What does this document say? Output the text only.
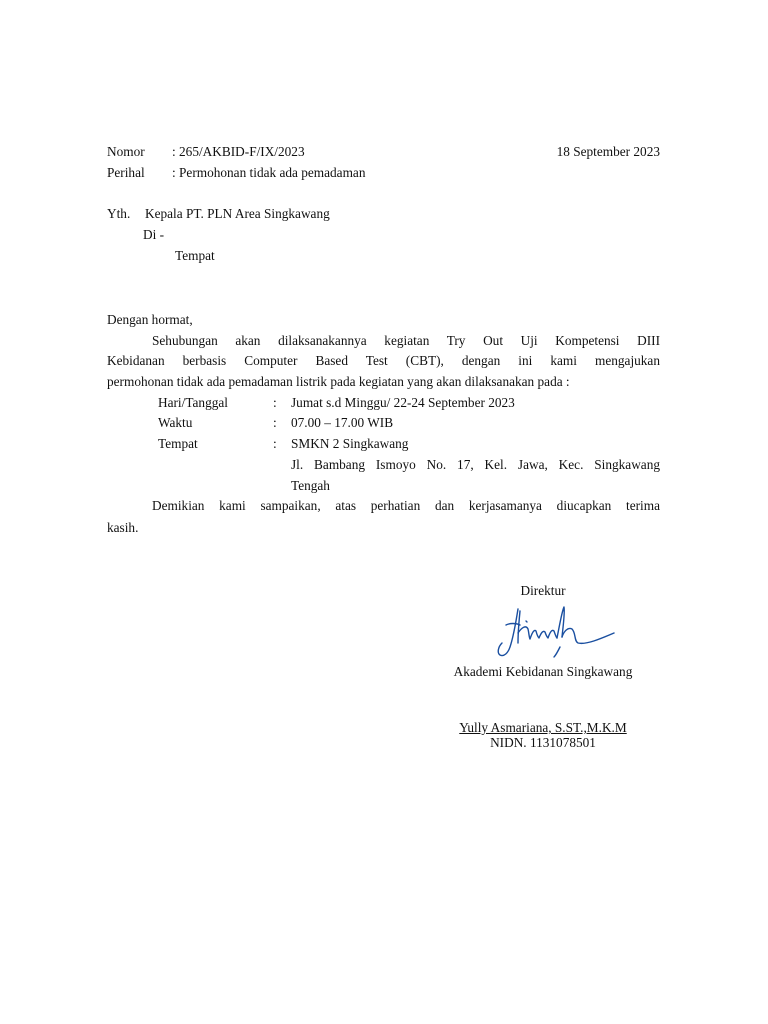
Nomor : 265/AKBID-F/IX/2023	18 September 2023
Perihal : Permohonan tidak ada pemadaman
Yth. Kepala PT. PLN Area Singkawang
Di -
Tempat
Dengan hormat,
Sehubungan akan dilaksanakannya kegiatan Try Out Uji Kompetensi DIII
Kebidanan berbasis Computer Based Test (CBT), dengan ini kami mengajukan
permohonan tidak ada pemadaman listrik pada kegiatan yang akan dilaksanakan pada :
Hari/Tanggal	: Jumat s.d Minggu/ 22-24 September 2023
Waktu	: 07.00 – 17.00 WIB
Tempat	: SMKN 2 Singkawang
Jl. Bambang Ismoyo No. 17, Kel. Jawa, Kec. Singkawang
Tengah
Demikian kami sampaikan, atas perhatian dan kerjasamanya diucapkan terima
kasih.
Direktur
Akademi Kebidanan Singkawang
Yully Asmariana, S.ST.,M.K.M
NIDN. 1131078501
